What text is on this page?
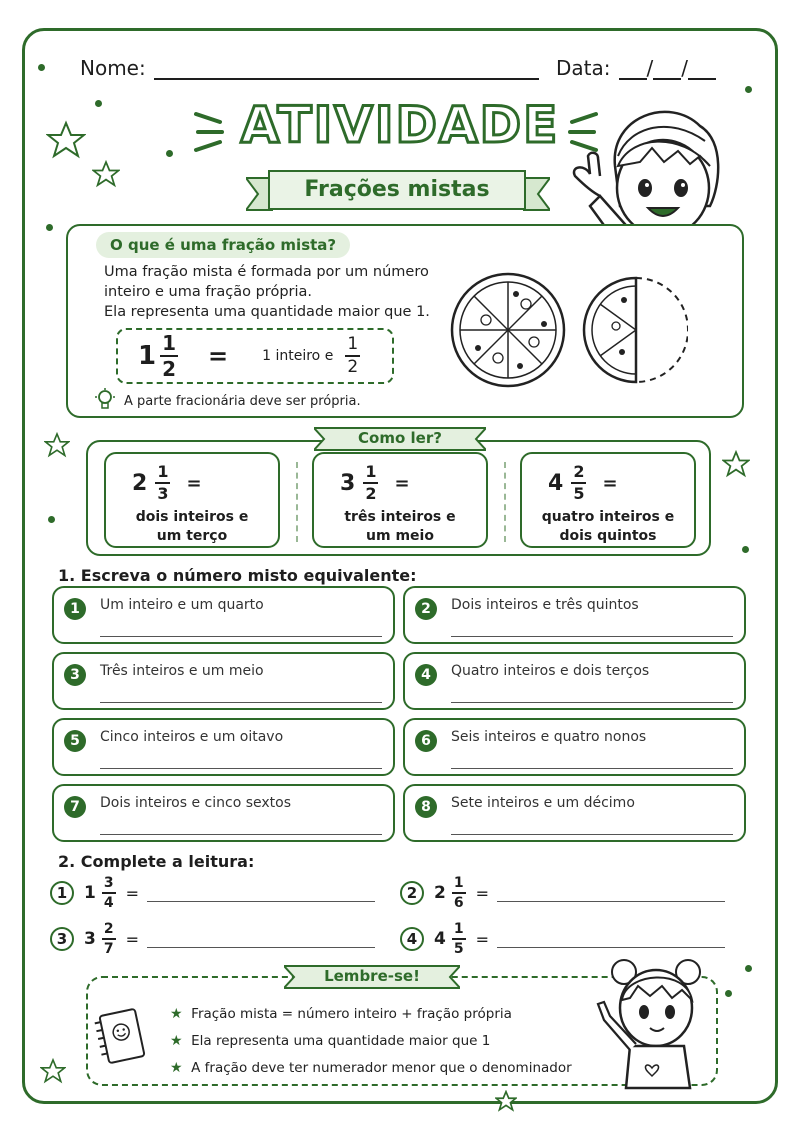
Nome:	Data: / /
ATIVIDADE
Frações mistas
O que é uma fração mista?
Uma fração mista é formada por um número
inteiro e uma fração própria.
Ela representa uma quantidade maior que 1.
$1 \frac{1}{2} = 1$ inteiro e $\frac{1}{2}$
A parte fracionária deve ser própria.
Como ler?
$2 \frac{1}{3}$ =
dois inteiros e
um terço
$3 \frac{1}{2}$ =
três inteiros e
um meio
$4 \frac{2}{5}$ =
quatro inteiros e
dois quintos
1. Escreva o número misto equivalente:
1	Um inteiro e um quarto	2	Dois inteiros e três quintos
3	Três inteiros e um meio	4	Quatro inteiros e dois terços
5	Cinco inteiros e um oitavo	6	Seis inteiros e quatro nonos
7	Dois inteiros e cinco sextos	8	Sete inteiros e um décimo
2. Complete a leitura:
1 $1 \frac{3}{4}$ =	2 $2 \frac{1}{6}$ =
3 $3 \frac{2}{7}$ =	4 $4 \frac{1}{5}$ =
Lembre-se!
★ Fração mista = número inteiro + fração própria
★ Ela representa uma quantidade maior que 1
★ A fração deve ter numerador menor que o denominador
